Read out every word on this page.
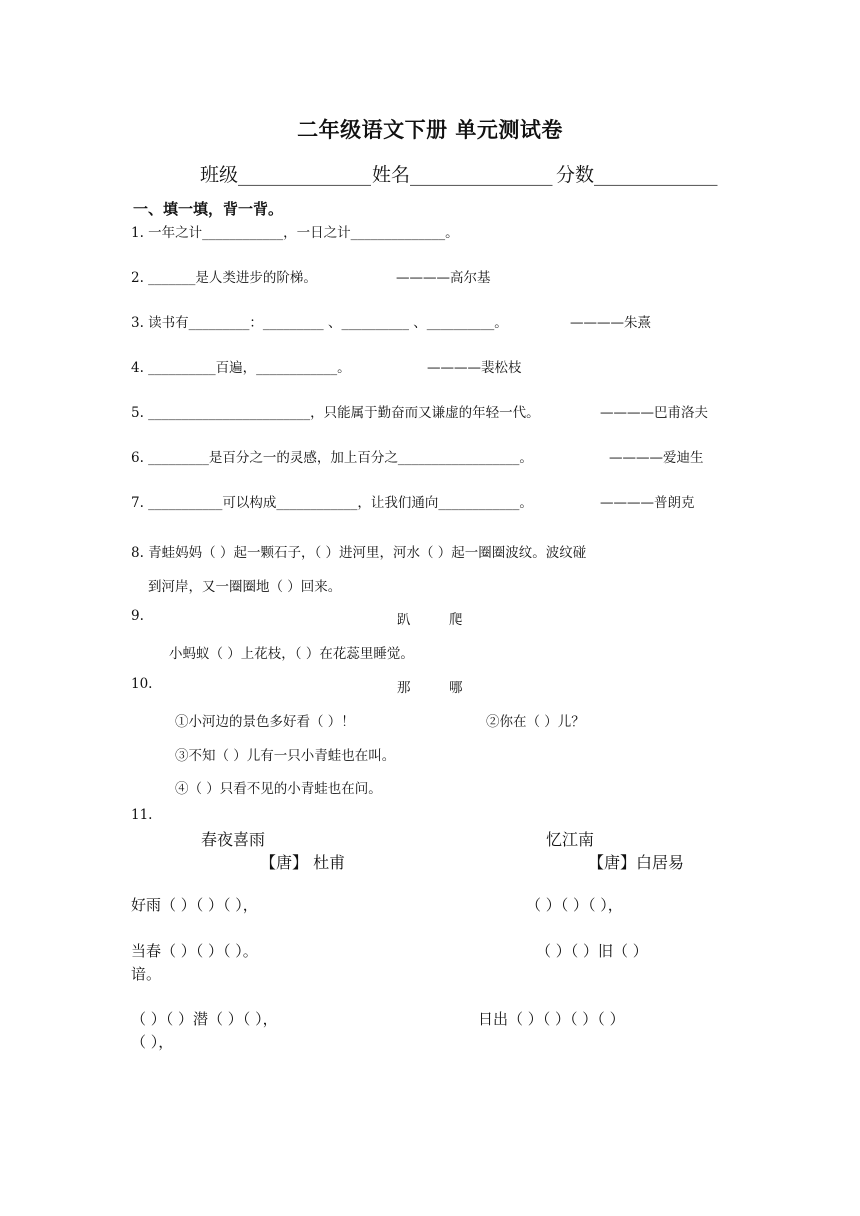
二年级语文下册 单元测试卷
班级______________ 姓名_______________ 分数_____________
一、填一填，背一背。
1. 一年之计____________，一日之计______________。
2. _______是人类进步的阶梯。	————高尔基
3. 读书有_________：_________ 、__________ 、__________。	————朱熹
4. __________百遍，____________。	————裴松枝
5. ________________________，只能属于勤奋而又谦虚的年轻一代。	————巴甫洛夫
6. _________是百分之一的灵感，加上百分之__________________。	————爱迪生
7. ___________可以构成____________，让我们通向____________。	————普朗克
8. 青蛙妈妈（ ）起一颗石子，（ ）进河里，河水（ ）起一圈圈波纹。波纹碰
到河岸，又一圈圈地（ ）回来。
9.	趴	爬
小蚂蚁（ ）上花枝，（ ）在花蕊里睡觉。
10.	那	哪
①小河边的景色多好看（ ）！	②你在（ ）儿？
③不知（ ）儿有一只小青蛙也在叫。
④（ ）只看不见的小青蛙也在问。
11.
春夜喜雨
【唐】 杜甫
忆江南
【唐】白居易
好雨（ ）（ ）（ ），
当春（ ）（ ）（ ）。
（ ）（ ）潜（ ）（ ），
（ ）（ ）（ ），
（ ）（ ）旧（ ）
谙。
日出（ ）（ ）（ ）（ ）
（ ），
